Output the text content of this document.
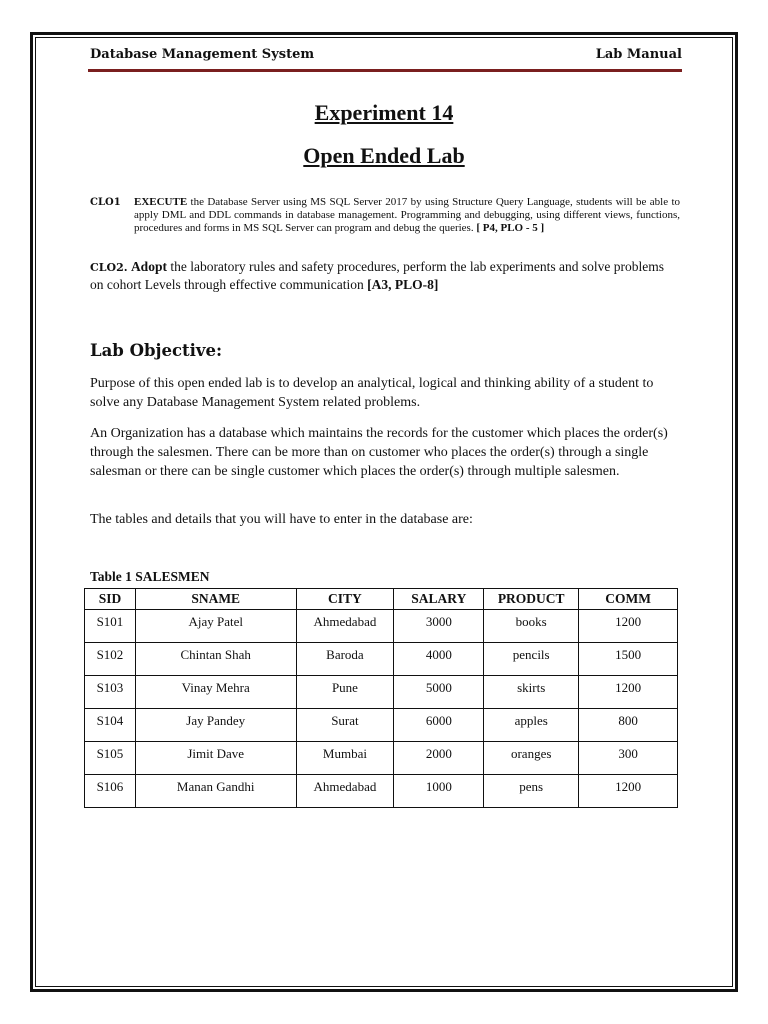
Database Management System	Lab Manual
Experiment 14
Open Ended Lab
CLO1	EXECUTE the Database Server using MS SQL Server 2017 by using Structure Query Language, students will be able to apply DML and DDL commands in database management. Programming and debugging, using different views, functions, procedures and forms in MS SQL Server can program and debug the queries. [ P4, PLO - 5 ]
CLO2. Adopt the laboratory rules and safety procedures, perform the lab experiments and solve problems on cohort Levels through effective communication [A3, PLO-8]
Lab Objective:
Purpose of this open ended lab is to develop an analytical, logical and thinking ability of a student to solve any Database Management System related problems.
An Organization has a database which maintains the records for the customer which places the order(s) through the salesmen. There can be more than on customer who places the order(s) through a single salesman or there can be single customer which places the order(s) through multiple salesmen.
The tables and details that you will have to enter in the database are:
Table 1 SALESMEN
SID	SNAME	CITY	SALARY	PRODUCT	COMM
S101	Ajay Patel	Ahmedabad	3000	books	1200
S102	Chintan Shah	Baroda	4000	pencils	1500
S103	Vinay Mehra	Pune	5000	skirts	1200
S104	Jay Pandey	Surat	6000	apples	800
S105	Jimit Dave	Mumbai	2000	oranges	300
S106	Manan Gandhi	Ahmedabad	1000	pens	1200
